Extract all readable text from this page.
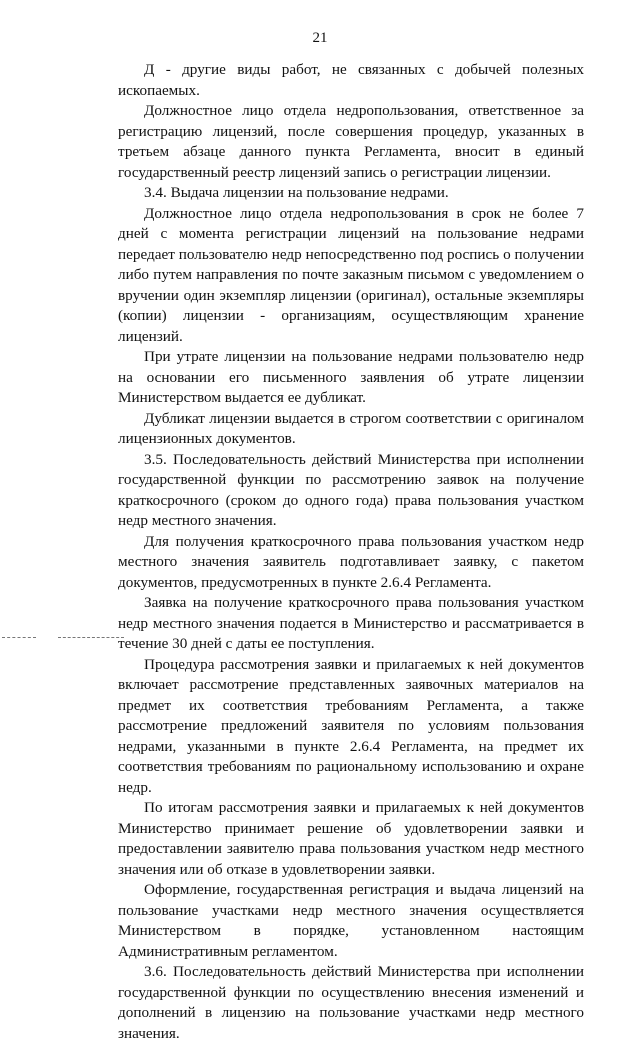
21

Д - другие виды работ, не связанных с добычей полезных ископаемых.

Должностное лицо отдела недропользования, ответственное за регистрацию лицензий, после совершения процедур, указанных в третьем абзаце данного пункта Регламента, вносит в единый государственный реестр лицензий запись о регистрации лицензии.

3.4. Выдача лицензии на пользование недрами.

Должностное лицо отдела недропользования в срок не более 7 дней с момента регистрации лицензий на пользование недрами передает пользователю недр непосредственно под роспись о получении либо путем направления по почте заказным письмом с уведомлением о вручении один экземпляр лицензии (оригинал), остальные экземпляры (копии) лицензии - организациям, осуществляющим хранение лицензий.

При утрате лицензии на пользование недрами пользователю недр на основании его письменного заявления об утрате лицензии Министерством выдается ее дубликат.

Дубликат лицензии выдается в строгом соответствии с оригиналом лицензионных документов.

3.5. Последовательность действий Министерства при исполнении государственной функции по рассмотрению заявок на получение краткосрочного (сроком до одного года) права пользования участком недр местного значения.

Для получения краткосрочного права пользования участком недр местного значения заявитель подготавливает заявку, с пакетом документов, предусмотренных в пункте 2.6.4 Регламента.

Заявка на получение краткосрочного права пользования участком недр местного значения подается в Министерство и рассматривается в течение 30 дней с даты ее поступления.

Процедура рассмотрения заявки и прилагаемых к ней документов включает рассмотрение представленных заявочных материалов на предмет их соответствия требованиям Регламента, а также рассмотрение предложений заявителя по условиям пользования недрами, указанными в пункте 2.6.4 Регламента, на предмет их соответствия требованиям по рациональному использованию и охране недр.

По итогам рассмотрения заявки и прилагаемых к ней документов Министерство принимает решение об удовлетворении заявки и предоставлении заявителю права пользования участком недр местного значения или об отказе в удовлетворении заявки.

Оформление, государственная регистрация и выдача лицензий на пользование участками недр местного значения осуществляется Министерством в порядке, установленном настоящим Административным регламентом.

3.6. Последовательность действий Министерства при исполнении государственной функции по осуществлению внесения изменений и дополнений в лицензию на пользование участками недр местного значения.
